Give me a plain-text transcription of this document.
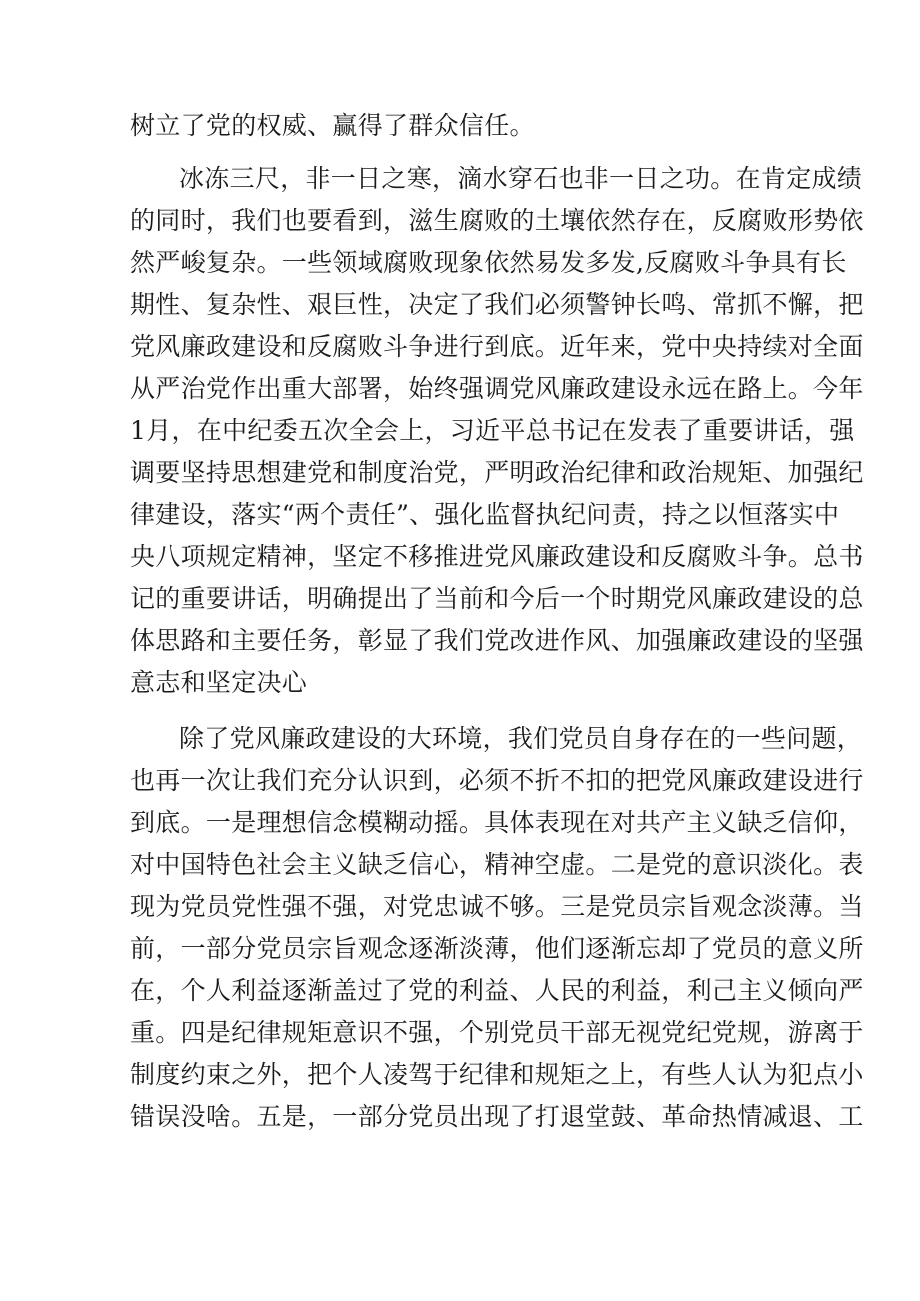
树立了党的权威、赢得了群众信任。
冰冻三尺，非一日之寒，滴水穿石也非一日之功。在肯定成绩
的同时，我们也要看到，滋生腐败的土壤依然存在，反腐败形势依
然严峻复杂。一些领域腐败现象依然易发多发,反腐败斗争具有长
期性、复杂性、艰巨性，决定了我们必须警钟长鸣、常抓不懈，把
党风廉政建设和反腐败斗争进行到底。近年来，党中央持续对全面
从严治党作出重大部署，始终强调党风廉政建设永远在路上。今年
1月，在中纪委五次全会上，习近平总书记在发表了重要讲话，强
调要坚持思想建党和制度治党，严明政治纪律和政治规矩、加强纪
律建设，落实“两个责任”、强化监督执纪问责，持之以恒落实中
央八项规定精神，坚定不移推进党风廉政建设和反腐败斗争。总书
记的重要讲话，明确提出了当前和今后一个时期党风廉政建设的总
体思路和主要任务，彰显了我们党改进作风、加强廉政建设的坚强
意志和坚定决心
除了党风廉政建设的大环境，我们党员自身存在的一些问题，
也再一次让我们充分认识到，必须不折不扣的把党风廉政建设进行
到底。一是理想信念模糊动摇。具体表现在对共产主义缺乏信仰，
对中国特色社会主义缺乏信心，精神空虚。二是党的意识淡化。表
现为党员党性强不强，对党忠诚不够。三是党员宗旨观念淡薄。当
前，一部分党员宗旨观念逐渐淡薄，他们逐渐忘却了党员的意义所
在，个人利益逐渐盖过了党的利益、人民的利益，利己主义倾向严
重。四是纪律规矩意识不强，个别党员干部无视党纪党规，游离于
制度约束之外，把个人凌驾于纪律和规矩之上，有些人认为犯点小
错误没啥。五是，一部分党员出现了打退堂鼓、革命热情减退、工
